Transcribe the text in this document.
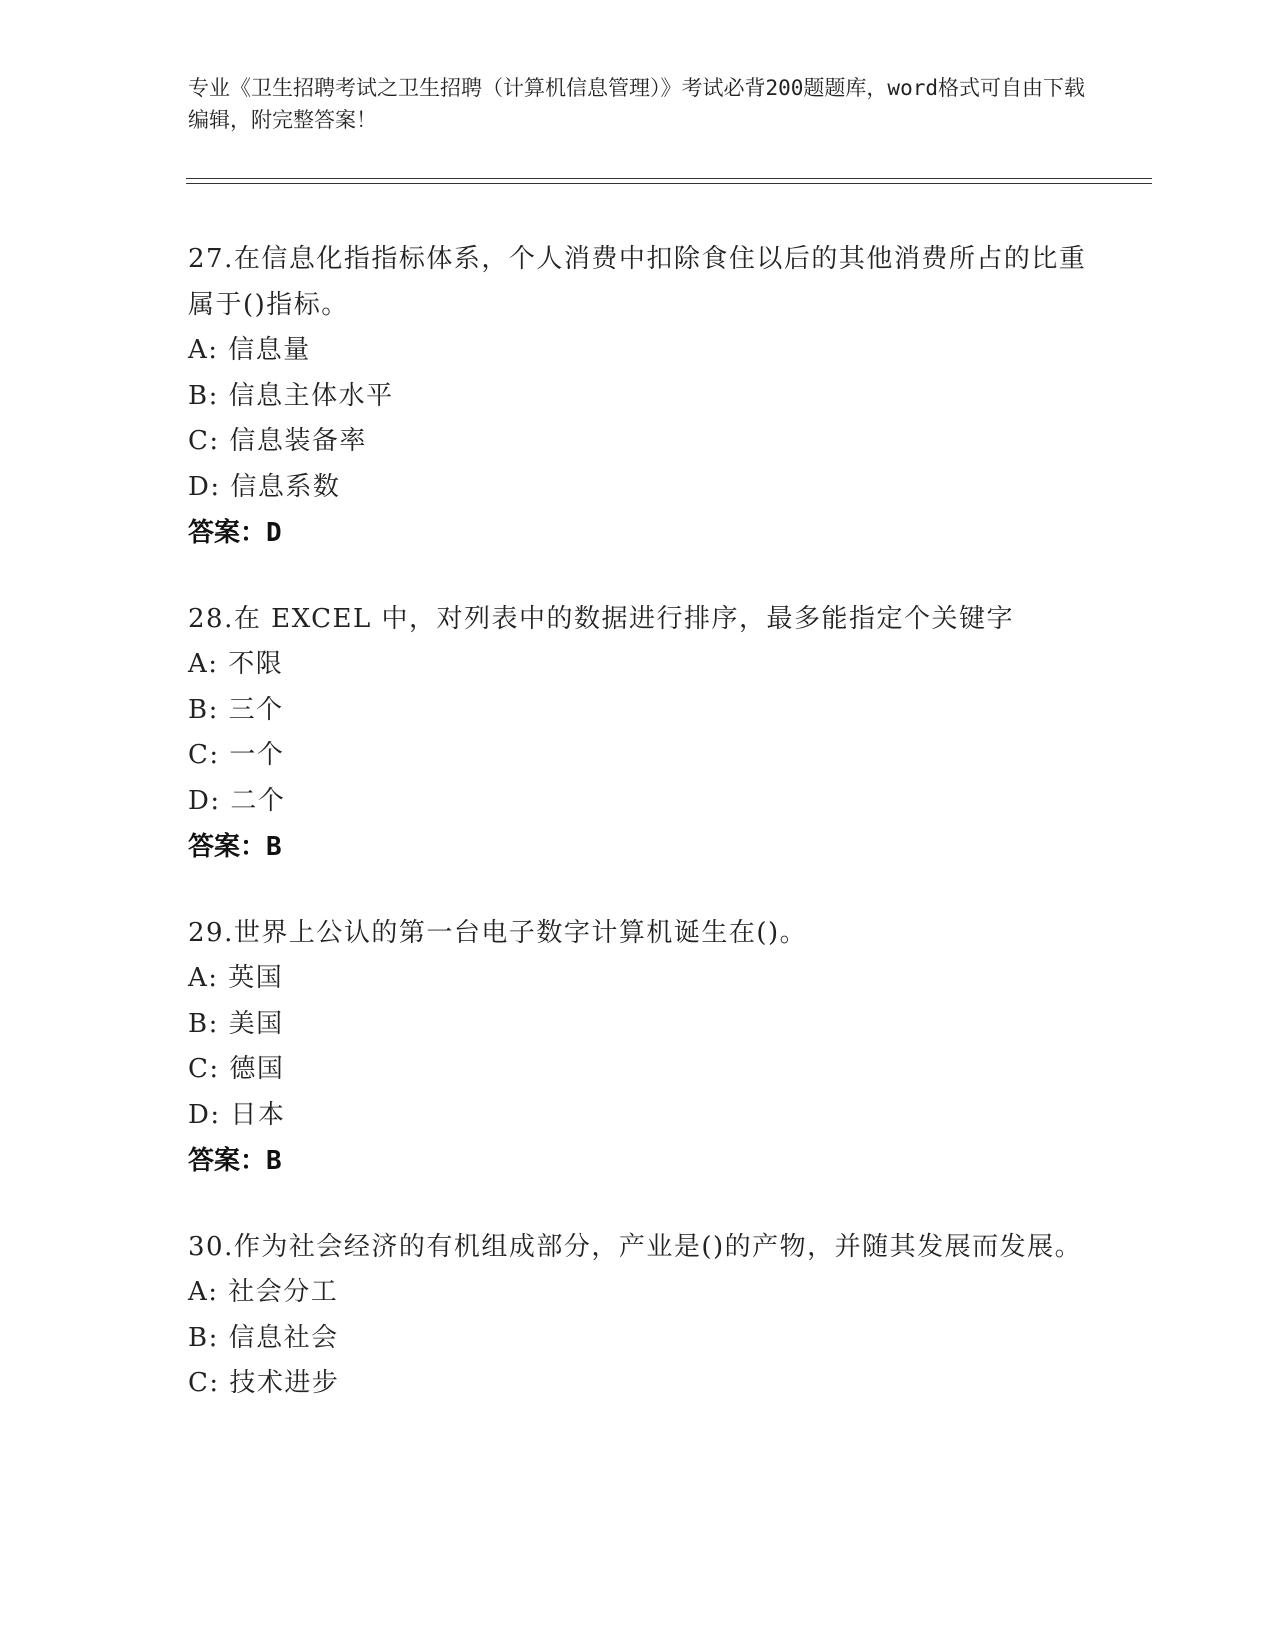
专业《卫生招聘考试之卫生招聘（计算机信息管理）》考试必背200题题库，word格式可自由下载编辑，附完整答案！
27.在信息化指指标体系，个人消费中扣除食住以后的其他消费所占的比重属于()指标。
A: 信息量
B: 信息主体水平
C: 信息装备率
D: 信息系数
答案：D
28.在 EXCEL 中，对列表中的数据进行排序，最多能指定个关键字
A: 不限
B: 三个
C: 一个
D: 二个
答案：B
29.世界上公认的第一台电子数字计算机诞生在()。
A: 英国
B: 美国
C: 德国
D: 日本
答案：B
30.作为社会经济的有机组成部分，产业是()的产物，并随其发展而发展。
A: 社会分工
B: 信息社会
C: 技术进步
